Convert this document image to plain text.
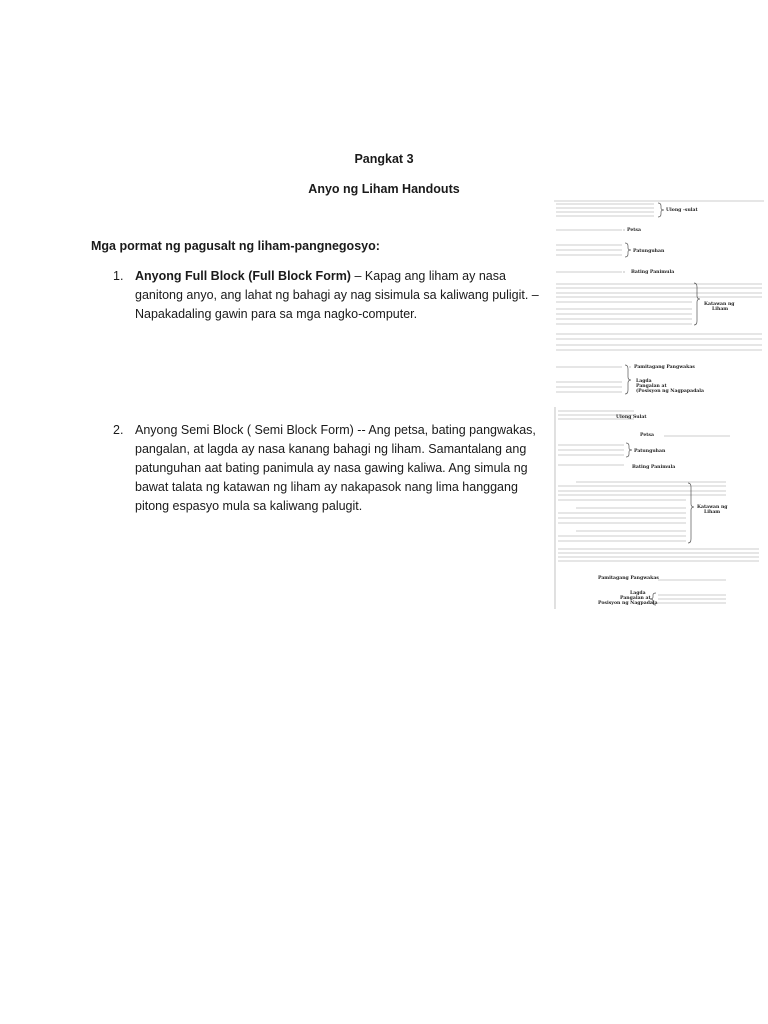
Pangkat 3
Anyo ng Liham Handouts
Mga pormat ng pagusalt ng liham-pangnegosyo:
1. Anyong Full Block (Full Block Form) – Kapag ang liham ay nasa ganitong anyo, ang lahat ng bahagi ay nag sisimula sa kaliwang puligit. – Napakadaling gawin para sa mga nagko-computer.
2. Anyong Semi Block ( Semi Block Form) -- Ang petsa, bating pangwakas, pangalan, at lagda ay nasa kanang bahagi ng liham. Samantalang ang patunguhan aat bating panimula ay nasa gawing kaliwa. Ang simula ng bawat talata ng katawan ng liham ay nakapasok nang lima hanggang pitong espasyo mula sa kaliwang palugit.
Ulong -sulat
Petsa
Patunguhan
Bating Panimula
Katawan ng
Liham
Pamitagang Pangwakas
Lagda
Pangalan at
(Posisyon ng Nagpapadala
Ulong Sulat
Petsa
Patunguhan
Bating Panimula
Katawan ng
Liham
Pamitagang Pangwakas
Lagda
Pangalan at
Posisyon ng Nagpadala
